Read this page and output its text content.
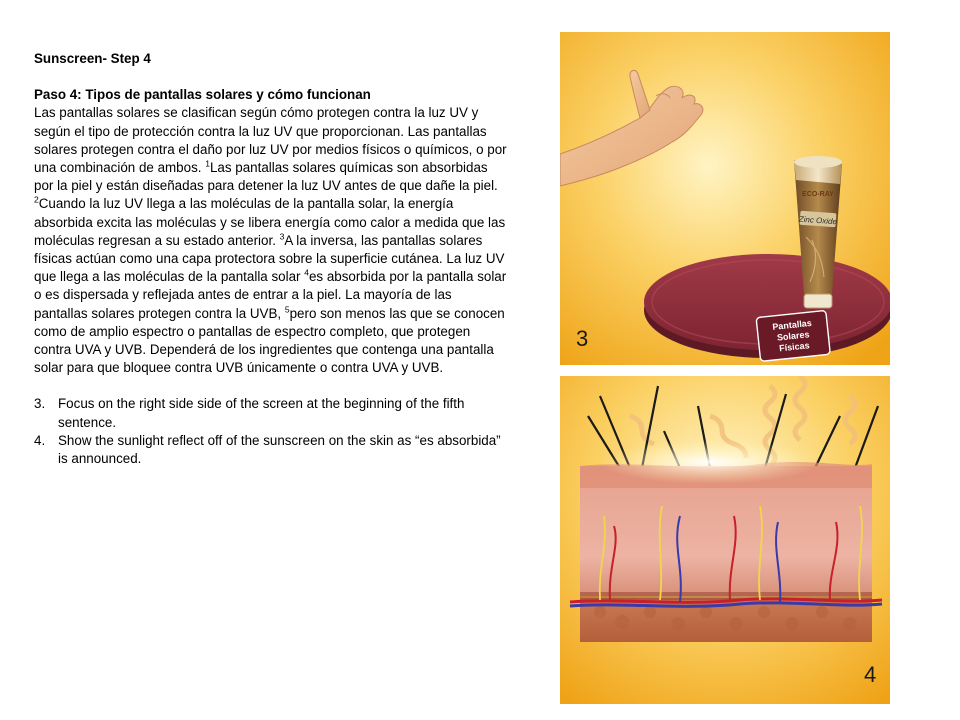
Sunscreen- Step 4

Paso 4: Tipos de pantallas solares y cómo funcionan

Las pantallas solares se clasifican según cómo protegen contra la luz UV y según el tipo de protección contra la luz UV que proporcionan. Las pantallas solares protegen contra el daño por luz UV por medios físicos o químicos, o por una combinación de ambos. $^1$Las pantallas solares químicas son absorbidas por la piel y están diseñadas para detener la luz UV antes de que dañe la piel. $^2$Cuando la luz UV llega a las moléculas de la pantalla solar, la energía absorbida excita las moléculas y se libera energía como calor a medida que las moléculas regresan a su estado anterior. $^3$A la inversa, las pantallas solares físicas actúan como una capa protectora sobre la superficie cutánea. La luz UV que llega a las moléculas de la pantalla solar $^4$es absorbida por la pantalla solar o es dispersada y reflejada antes de entrar a la piel. La mayoría de las pantallas solares protegen contra la UVB, $^5$pero son menos las que se conocen como de amplio espectro o pantallas de espectro completo, que protegen contra UVA y UVB. Dependerá de los ingredientes que contenga una pantalla solar para que bloquee contra UVB únicamente o contra UVA y UVB.

3. Focus on the right side side of the screen at the beginning of the fifth sentence.
4. Show the sunlight reflect off of the sunscreen on the skin as “es absorbida” is announced.
Zinc Oxide
ECO-RAY
Pantallas
Solares
Físicas
3
4
